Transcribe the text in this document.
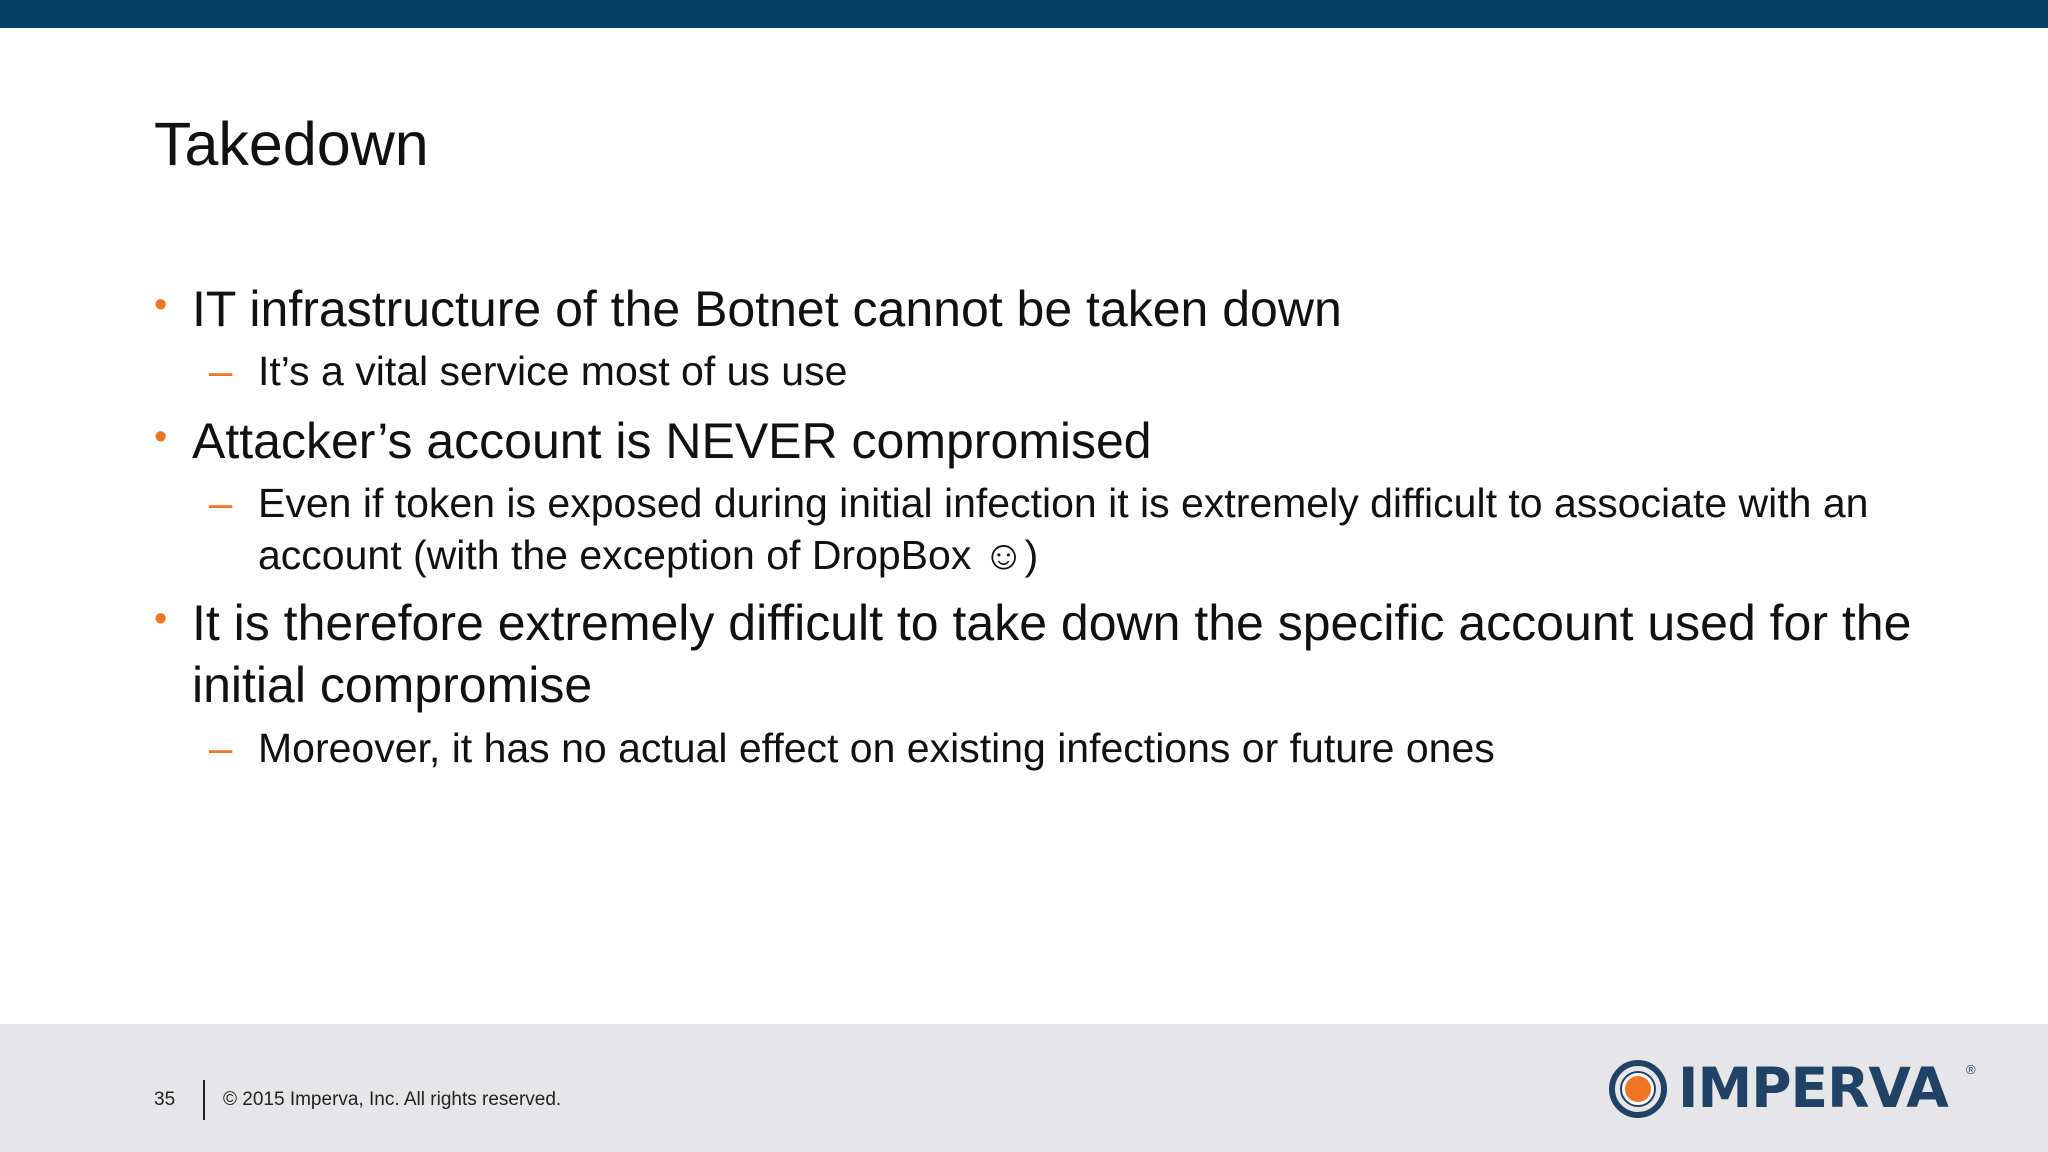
Takedown
• IT infrastructure of the Botnet cannot be taken down
– It’s a vital service most of us use
• Attacker’s account is NEVER compromised
– Even if token is exposed during initial infection it is extremely difficult to associate with an account (with the exception of DropBox ☺)
• It is therefore extremely difficult to take down the specific account used for the initial compromise
– Moreover, it has no actual effect on existing infections or future ones
35	© 2015 Imperva, Inc. All rights reserved.	IMPERVA ®
